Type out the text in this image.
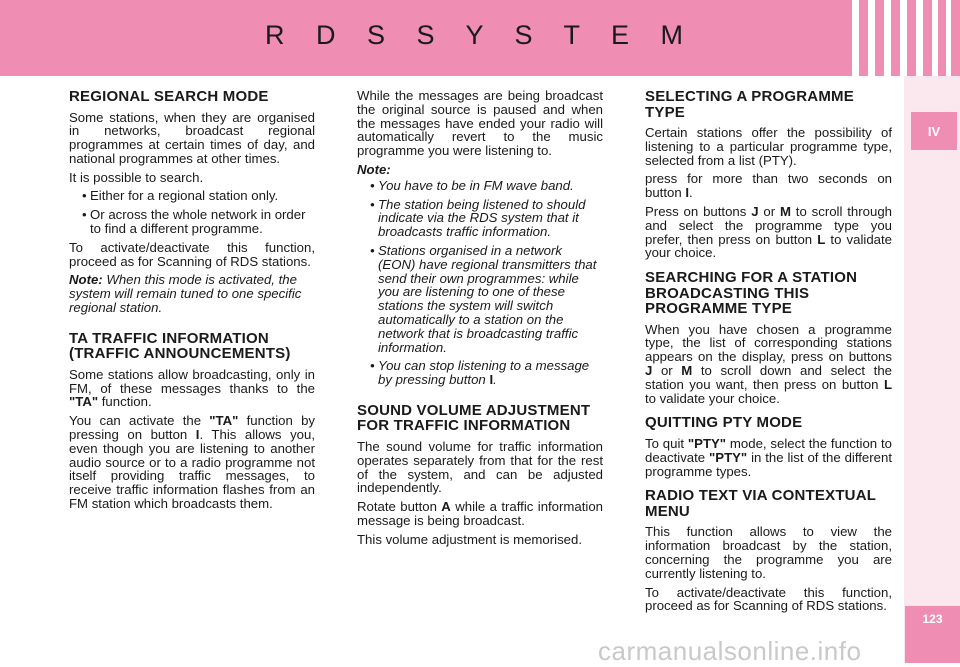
R D S S Y S T E M
IV
123
REGIONAL SEARCH MODE

Some stations, when they are organised in networks, broadcast regional programmes at certain times of day, and national programmes at other times.

It is possible to search.

• Either for a regional station only.
• Or across the whole network in order to find a different programme.

To activate/deactivate this function, proceed as for Scanning of RDS stations.

Note: When this mode is activated, the system will remain tuned to one specific regional station.

TA TRAFFIC INFORMATION (TRAFFIC ANNOUNCEMENTS)

Some stations allow broadcasting, only in FM, of these messages thanks to the "TA" function.

You can activate the "TA" function by pressing on button I. This allows you, even though you are listening to another audio source or to a radio programme not itself providing traffic messages, to receive traffic information flashes from an FM station which broadcasts them.

While the messages are being broadcast the original source is paused and when the messages have ended your radio will automatically revert to the music programme you were listening to.

Note:

• You have to be in FM wave band.
• The station being listened to should indicate via the RDS system that it broadcasts traffic information.
• Stations organised in a network (EON) have regional transmitters that send their own programmes: while you are listening to one of these stations the system will switch automatically to a station on the network that is broadcasting traffic information.
• You can stop listening to a message by pressing button I.
SOUND VOLUME ADJUSTMENT FOR TRAFFIC INFORMATION

The sound volume for traffic information operates separately from that for the rest of the system, and can be adjusted independently.

Rotate button A while a traffic information message is being broadcast.

This volume adjustment is memorised.

SELECTING A PROGRAMME TYPE

Certain stations offer the possibility of listening to a particular programme type, selected from a list (PTY).

press for more than two seconds on button I.

Press on buttons J or M to scroll through and select the programme type you prefer, then press on button L to validate your choice.

SEARCHING FOR A STATION BROADCASTING THIS PROGRAMME TYPE

When you have chosen a programme type, the list of corresponding stations appears on the display, press on buttons J or M to scroll down and select the station you want, then press on button L to validate your choice.

QUITTING PTY MODE

To quit "PTY" mode, select the function to deactivate "PTY" in the list of the different programme types.

RADIO TEXT VIA CONTEXTUAL MENU

This function allows to view the information broadcast by the station, concerning the programme you are currently listening to.

To activate/deactivate this function, proceed as for Scanning of RDS stations.

carmanualsonline.info
